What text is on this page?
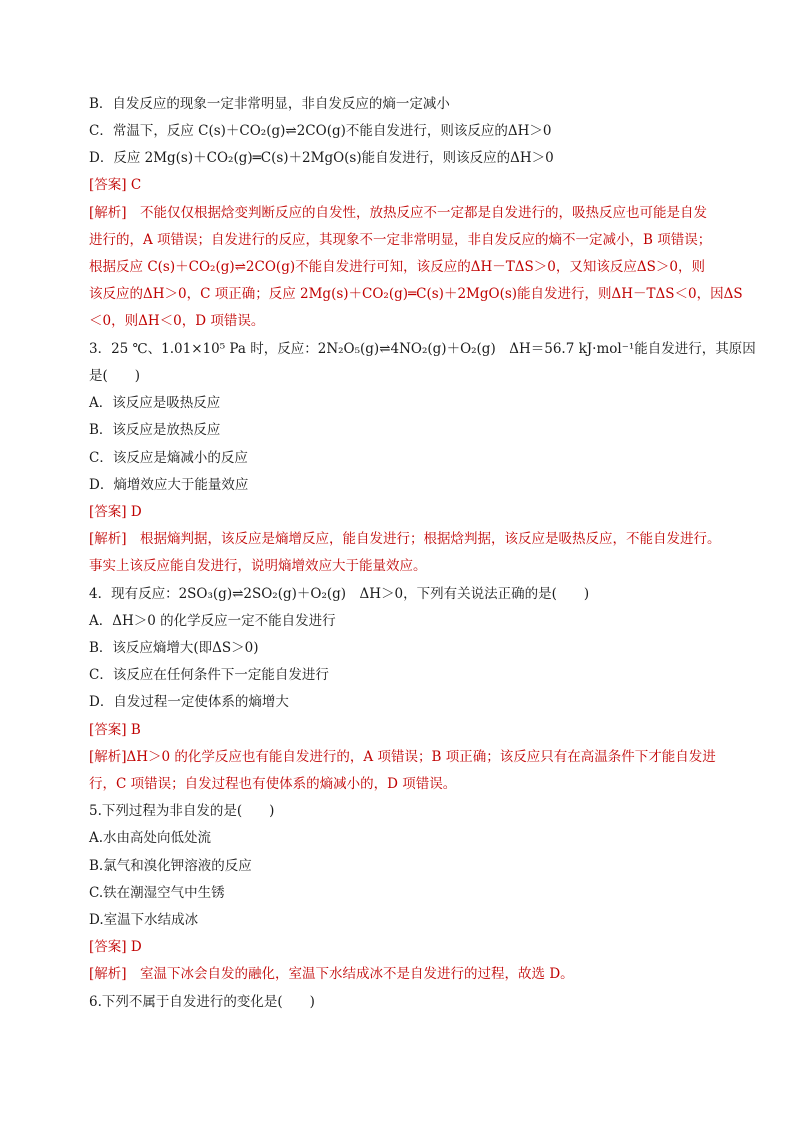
B．自发反应的现象一定非常明显，非自发反应的熵一定减小
C．常温下，反应 C(s)＋CO₂(g)⇌2CO(g)不能自发进行，则该反应的ΔH＞0
D．反应 2Mg(s)＋CO₂(g)═C(s)＋2MgO(s)能自发进行，则该反应的ΔH＞0
[答案] C
[解析]　不能仅仅根据焓变判断反应的自发性，放热反应不一定都是自发进行的，吸热反应也可能是自发
进行的，A 项错误；自发进行的反应，其现象不一定非常明显，非自发反应的熵不一定减小，B 项错误；
根据反应 C(s)＋CO₂(g)⇌2CO(g)不能自发进行可知，该反应的ΔH－TΔS＞0，又知该反应ΔS＞0，则
该反应的ΔH＞0，C 项正确；反应 2Mg(s)＋CO₂(g)═C(s)＋2MgO(s)能自发进行，则ΔH－TΔS＜0，因ΔS
＜0，则ΔH＜0，D 项错误。
3．25 ℃、1.01×10⁵ Pa 时，反应：2N₂O₅(g)⇌4NO₂(g)＋O₂(g)　ΔH＝56.7 kJ·mol⁻¹能自发进行，其原因
是(　　)
A．该反应是吸热反应
B．该反应是放热反应
C．该反应是熵减小的反应
D．熵增效应大于能量效应
[答案] D
[解析]　根据熵判据，该反应是熵增反应，能自发进行；根据焓判据，该反应是吸热反应，不能自发进行。
事实上该反应能自发进行，说明熵增效应大于能量效应。
4．现有反应：2SO₃(g)⇌2SO₂(g)＋O₂(g)　ΔH＞0，下列有关说法正确的是(　　)
A．ΔH＞0 的化学反应一定不能自发进行
B．该反应熵增大(即ΔS＞0)
C．该反应在任何条件下一定能自发进行
D．自发过程一定使体系的熵增大
[答案] B
[解析]ΔH＞0 的化学反应也有能自发进行的，A 项错误；B 项正确；该反应只有在高温条件下才能自发进
行，C 项错误；自发过程也有使体系的熵减小的，D 项错误。
5.下列过程为非自发的是(　　)
A.水由高处向低处流
B.氯气和溴化钾溶液的反应
C.铁在潮湿空气中生锈
D.室温下水结成冰
[答案] D
[解析]　室温下冰会自发的融化，室温下水结成冰不是自发进行的过程，故选 D。
6.下列不属于自发进行的变化是(　　)
